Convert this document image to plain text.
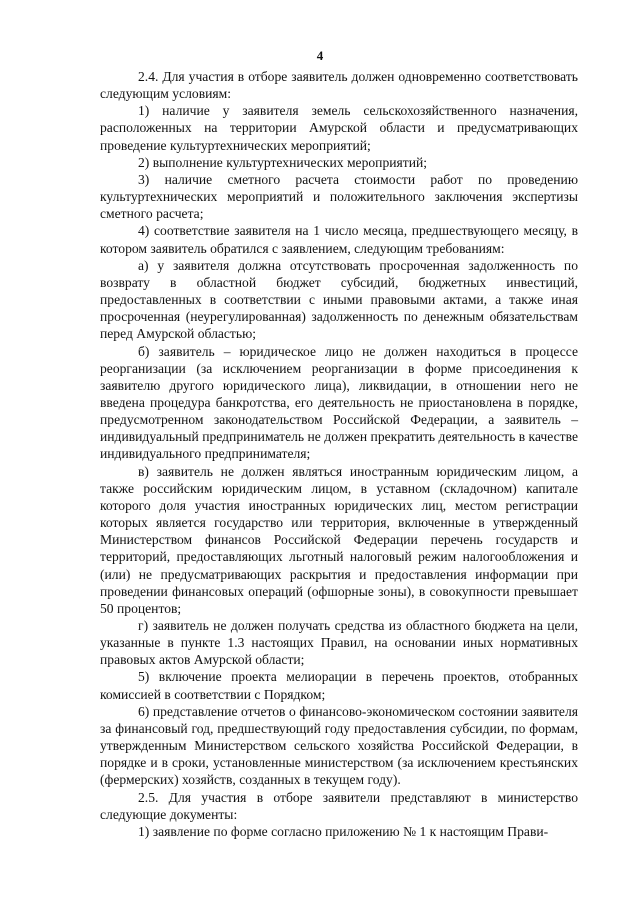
4

2.4. Для участия в отборе заявитель должен одновременно соответствовать следующим условиям:

1) наличие у заявителя земель сельскохозяйственного назначения, расположенных на территории Амурской области и предусматривающих проведение культуртехнических мероприятий;

2) выполнение культуртехнических мероприятий;

3) наличие сметного расчета стоимости работ по проведению культуртехнических мероприятий и положительного заключения экспертизы сметного расчета;

4) соответствие заявителя на 1 число месяца, предшествующего месяцу, в котором заявитель обратился с заявлением, следующим требованиям:

а) у заявителя должна отсутствовать просроченная задолженность по возврату в областной бюджет субсидий, бюджетных инвестиций, предоставленных в соответствии с иными правовыми актами, а также иная просроченная (неурегулированная) задолженность по денежным обязательствам перед Амурской областью;

б) заявитель – юридическое лицо не должен находиться в процессе реорганизации (за исключением реорганизации в форме присоединения к заявителю другого юридического лица), ликвидации, в отношении него не введена процедура банкротства, его деятельность не приостановлена в порядке, предусмотренном законодательством Российской Федерации, а заявитель – индивидуальный предприниматель не должен прекратить деятельность в качестве индивидуального предпринимателя;

в) заявитель не должен являться иностранным юридическим лицом, а также российским юридическим лицом, в уставном (складочном) капитале которого доля участия иностранных юридических лиц, местом регистрации которых является государство или территория, включенные в утвержденный Министерством финансов Российской Федерации перечень государств и территорий, предоставляющих льготный налоговый режим налогообложения и (или) не предусматривающих раскрытия и предоставления информации при проведении финансовых операций (офшорные зоны), в совокупности превышает 50 процентов;

г) заявитель не должен получать средства из областного бюджета на цели, указанные в пункте 1.3 настоящих Правил, на основании иных нормативных правовых актов Амурской области;

5) включение проекта мелиорации в перечень проектов, отобранных комиссией в соответствии с Порядком;

6) представление отчетов о финансово-экономическом состоянии заявителя за финансовый год, предшествующий году предоставления субсидии, по формам, утвержденным Министерством сельского хозяйства Российской Федерации, в порядке и в сроки, установленные министерством (за исключением крестьянских (фермерских) хозяйств, созданных в текущем году).

2.5. Для участия в отборе заявители представляют в министерство следующие документы:

1) заявление по форме согласно приложению № 1 к настоящим Прави-
